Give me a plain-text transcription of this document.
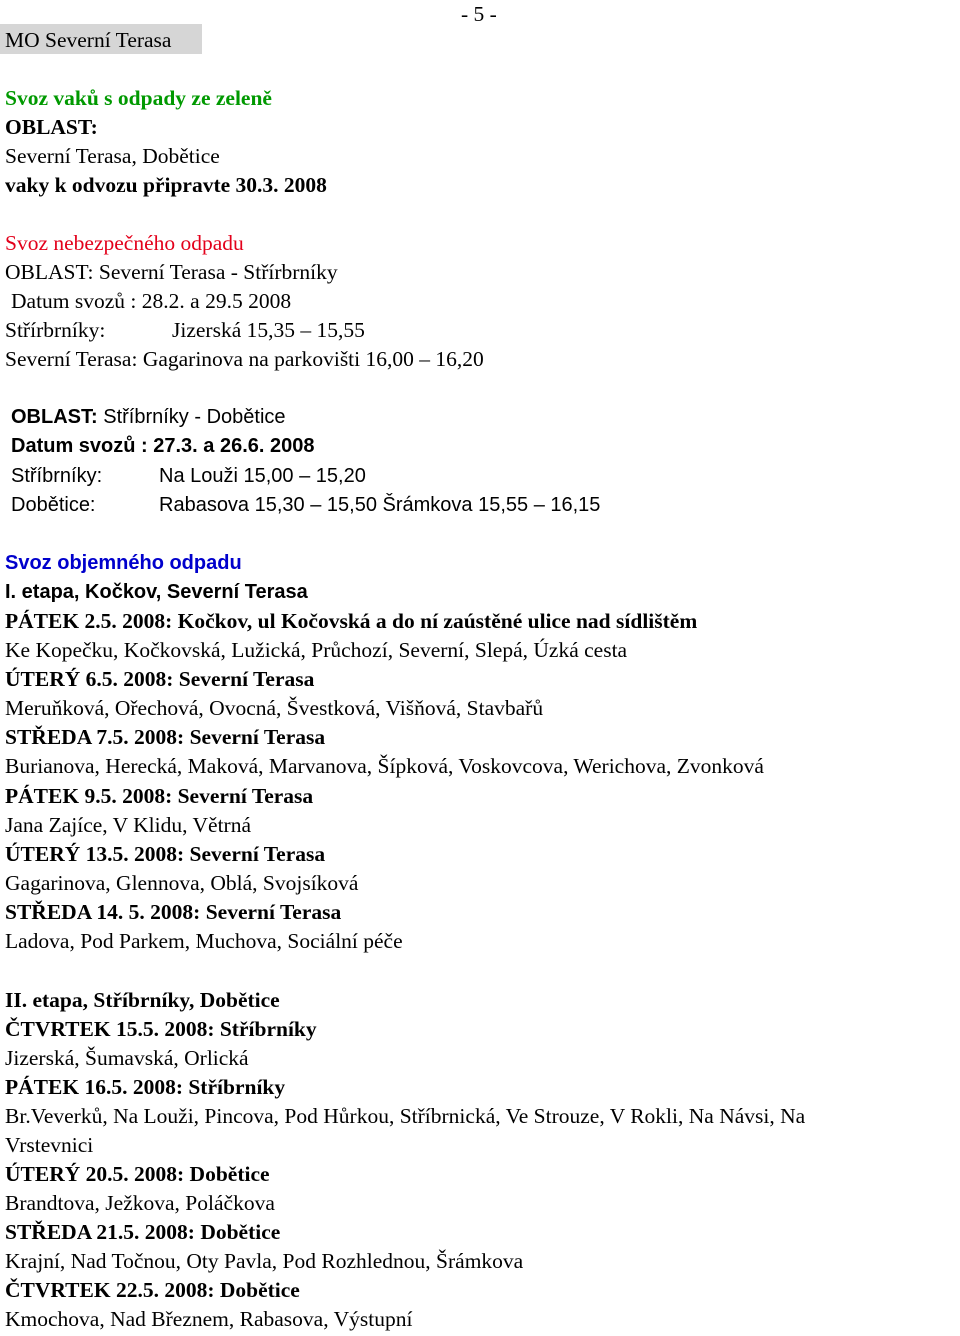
- 5 -
MO Severní Terasa
Svoz vaků s odpady ze zeleně
OBLAST:
Severní Terasa, Dobětice
vaky k odvozu připravte 30.3. 2008
Svoz nebezpečného odpadu
OBLAST: Severní Terasa - Střírbrníky
Datum svozů : 28.2. a 29.5 2008
Střírbrníky:	Jizerská 15,35 – 15,55
Severní Terasa: Gagarinova na parkovišti 16,00 – 16,20
OBLAST: Stříbrníky - Dobětice
Datum svozů : 27.3. a 26.6. 2008
Stříbrníky:	Na Louži 15,00 – 15,20
Dobětice:	Rabasova 15,30 – 15,50 Šrámkova 15,55 – 16,15
Svoz objemného odpadu
I. etapa, Kočkov, Severní Terasa
PÁTEK 2.5. 2008: Kočkov, ul Kočovská a do ní zaústěné ulice nad sídlištěm
Ke Kopečku, Kočkovská, Lužická, Průchozí, Severní, Slepá, Úzká cesta
ÚTERÝ 6.5. 2008: Severní Terasa
Meruňková, Ořechová, Ovocná, Švestková, Višňová, Stavbařů
STŘEDA 7.5. 2008: Severní Terasa
Burianova, Herecká, Maková, Marvanova, Šípková, Voskovcova, Werichova, Zvonková
PÁTEK 9.5. 2008: Severní Terasa
Jana Zajíce, V Klidu, Větrná
ÚTERÝ 13.5. 2008: Severní Terasa
Gagarinova, Glennova, Oblá, Svojsíková
STŘEDA 14. 5. 2008: Severní Terasa
Ladova, Pod Parkem, Muchova, Sociální péče
II. etapa, Stříbrníky, Dobětice
ČTVRTEK 15.5. 2008: Stříbrníky
Jizerská, Šumavská, Orlická
PÁTEK 16.5. 2008: Stříbrníky
Br.Veverků, Na Louži, Pincova, Pod Hůrkou, Stříbrnická, Ve Strouze, V Rokli, Na Návsi, Na
Vrstevnici
ÚTERÝ 20.5. 2008: Dobětice
Brandtova, Ježkova, Poláčkova
STŘEDA 21.5. 2008: Dobětice
Krajní, Nad Točnou, Oty Pavla, Pod Rozhlednou, Šrámkova
ČTVRTEK 22.5. 2008: Dobětice
Kmochova, Nad Březnem, Rabasova, Výstupní
